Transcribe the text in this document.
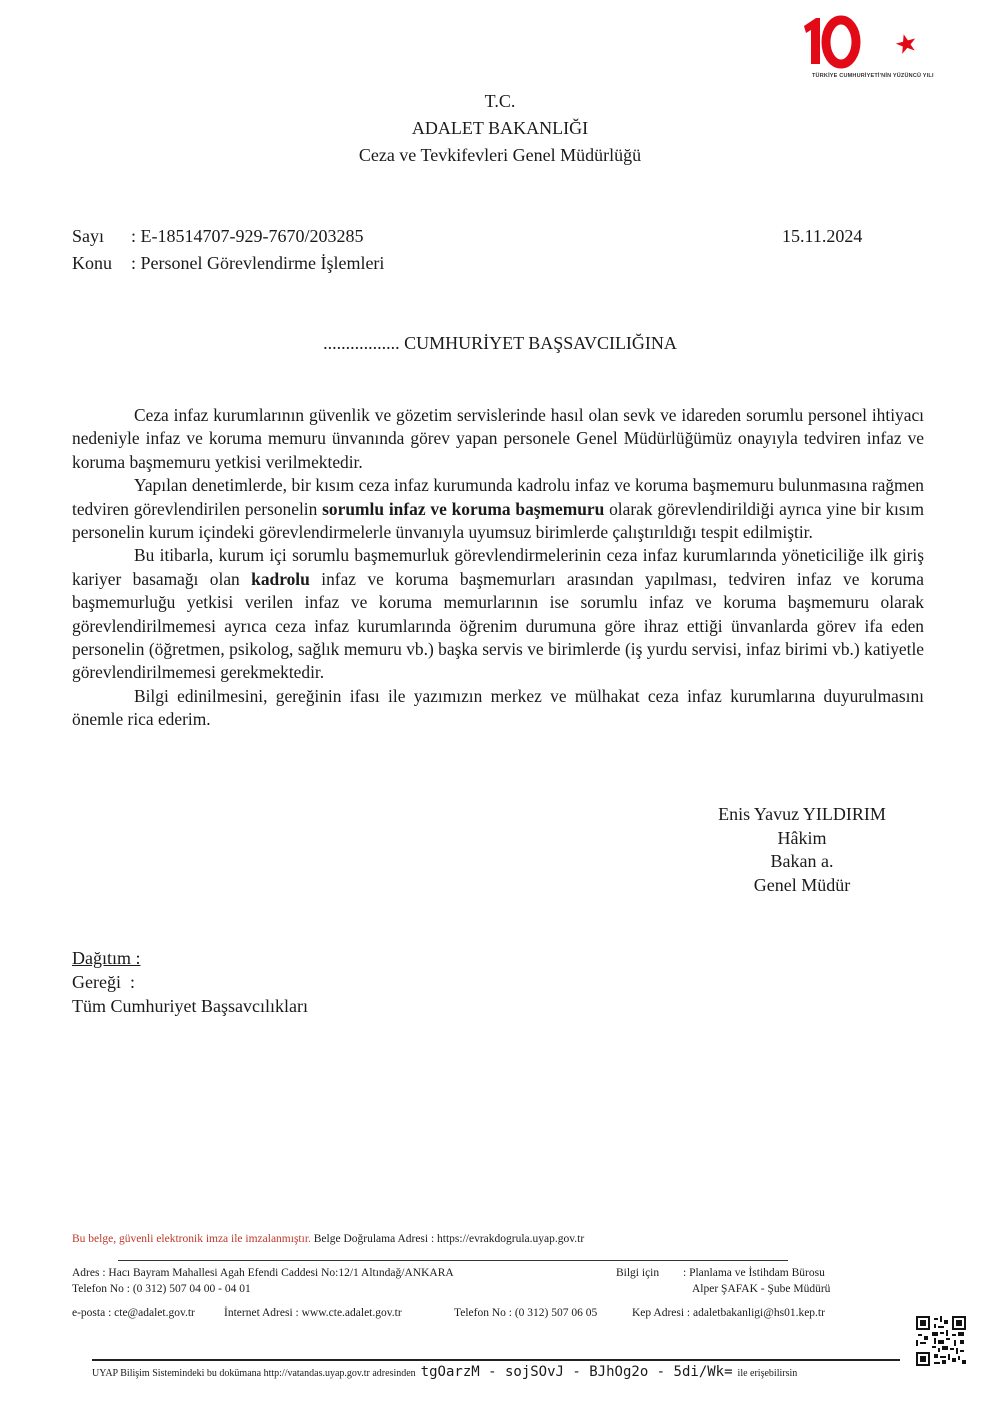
TÜRKİYE CUMHURİYETİ'NİN YÜZÜNCÜ YILI
T.C.
ADALET BAKANLIĞI
Ceza ve Tevkifevleri Genel Müdürlüğü
Sayı : E-18514707-929-7670/203285	15.11.2024
Konu : Personel Görevlendirme İşlemleri
................. CUMHURİYET BAŞSAVCILIĞINA

Ceza infaz kurumlarının güvenlik ve gözetim servislerinde hasıl olan sevk ve idareden sorumlu personel ihtiyacı nedeniyle infaz ve koruma memuru ünvanında görev yapan personele Genel Müdürlüğümüz onayıyla tedviren infaz ve koruma başmemuru yetkisi verilmektedir.

Yapılan denetimlerde, bir kısım ceza infaz kurumunda kadrolu infaz ve koruma başmemuru bulunmasına rağmen tedviren görevlendirilen personelin sorumlu infaz ve koruma başmemuru olarak görevlendirildiği ayrıca yine bir kısım personelin kurum içindeki görevlendirmelerle ünvanıyla uyumsuz birimlerde çalıştırıldığı tespit edilmiştir.

Bu itibarla, kurum içi sorumlu başmemurluk görevlendirmelerinin ceza infaz kurumlarında yöneticiliğe ilk giriş kariyer basamağı olan kadrolu infaz ve koruma başmemurları arasından yapılması, tedviren infaz ve koruma başmemurluğu yetkisi verilen infaz ve koruma memurlarının ise sorumlu infaz ve koruma başmemuru olarak görevlendirilmemesi ayrıca ceza infaz kurumlarında öğrenim durumuna göre ihraz ettiği ünvanlarda görev ifa eden personelin (öğretmen, psikolog, sağlık memuru vb.) başka servis ve birimlerde (iş yurdu servisi, infaz birimi vb.) katiyetle görevlendirilmemesi gerekmektedir.

Bilgi edinilmesini, gereğinin ifası ile yazımızın merkez ve mülhakat ceza infaz kurumlarına duyurulmasını önemle rica ederim.

Enis Yavuz YILDIRIM
Hâkim
Bakan a.
Genel Müdür
Dağıtım :
Gereği  :
Tüm Cumhuriyet Başsavcılıkları
Bu belge, güvenli elektronik imza ile imzalanmıştır. Belge Doğrulama Adresi : https://evrakdogrula.uyap.gov.tr
Adres : Hacı Bayram Mahallesi Agah Efendi Caddesi No:12/1 Altındağ/ANKARA
Telefon No : (0 312) 507 04 00 - 04 01
Bilgi için : Planlama ve İstihdam Bürosu
Alper ŞAFAK - Şube Müdürü
e-posta : cte@adalet.gov.tr	İnternet Adresi : www.cte.adalet.gov.tr	Telefon No : (0 312) 507 06 05	Kep Adresi : adaletbakanligi@hs01.kep.tr
UYAP Bilişim Sistemindeki bu dokümana http://vatandas.uyap.gov.tr adresinden tgOarzM - sojSOvJ - BJhOg2o - 5di/Wk= ile erişebilirsin
